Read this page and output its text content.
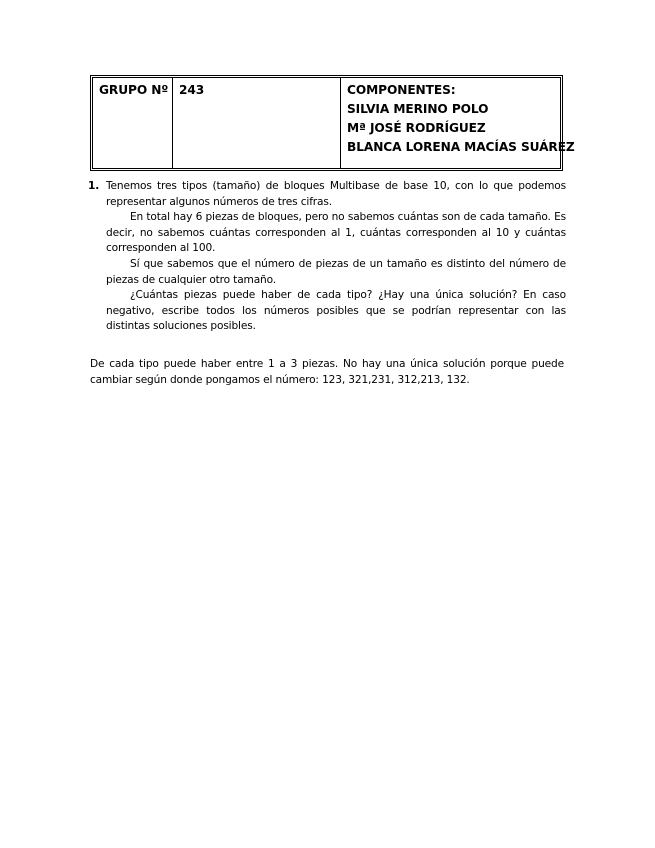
GRUPO Nº 243	COMPONENTES:
SILVIA MERINO POLO
Mª JOSÉ RODRÍGUEZ
BLANCA LORENA MACÍAS SUÁREZ
1. Tenemos tres tipos (tamaño) de bloques Multibase de base 10, con lo que podemos representar algunos números de tres cifras.

En total hay 6 piezas de bloques, pero no sabemos cuántas son de cada tamaño. Es decir, no sabemos cuántas corresponden al 1, cuántas corresponden al 10 y cuántas corresponden al 100.

Sí que sabemos que el número de piezas de un tamaño es distinto del número de piezas de cualquier otro tamaño.

¿Cuántas piezas puede haber de cada tipo? ¿Hay una única solución? En caso negativo, escribe todos los números posibles que se podrían representar con las distintas soluciones posibles.

De cada tipo puede haber entre 1 a 3 piezas. No hay una única solución porque puede cambiar según donde pongamos el número: 123, 321,231, 312,213, 132.
